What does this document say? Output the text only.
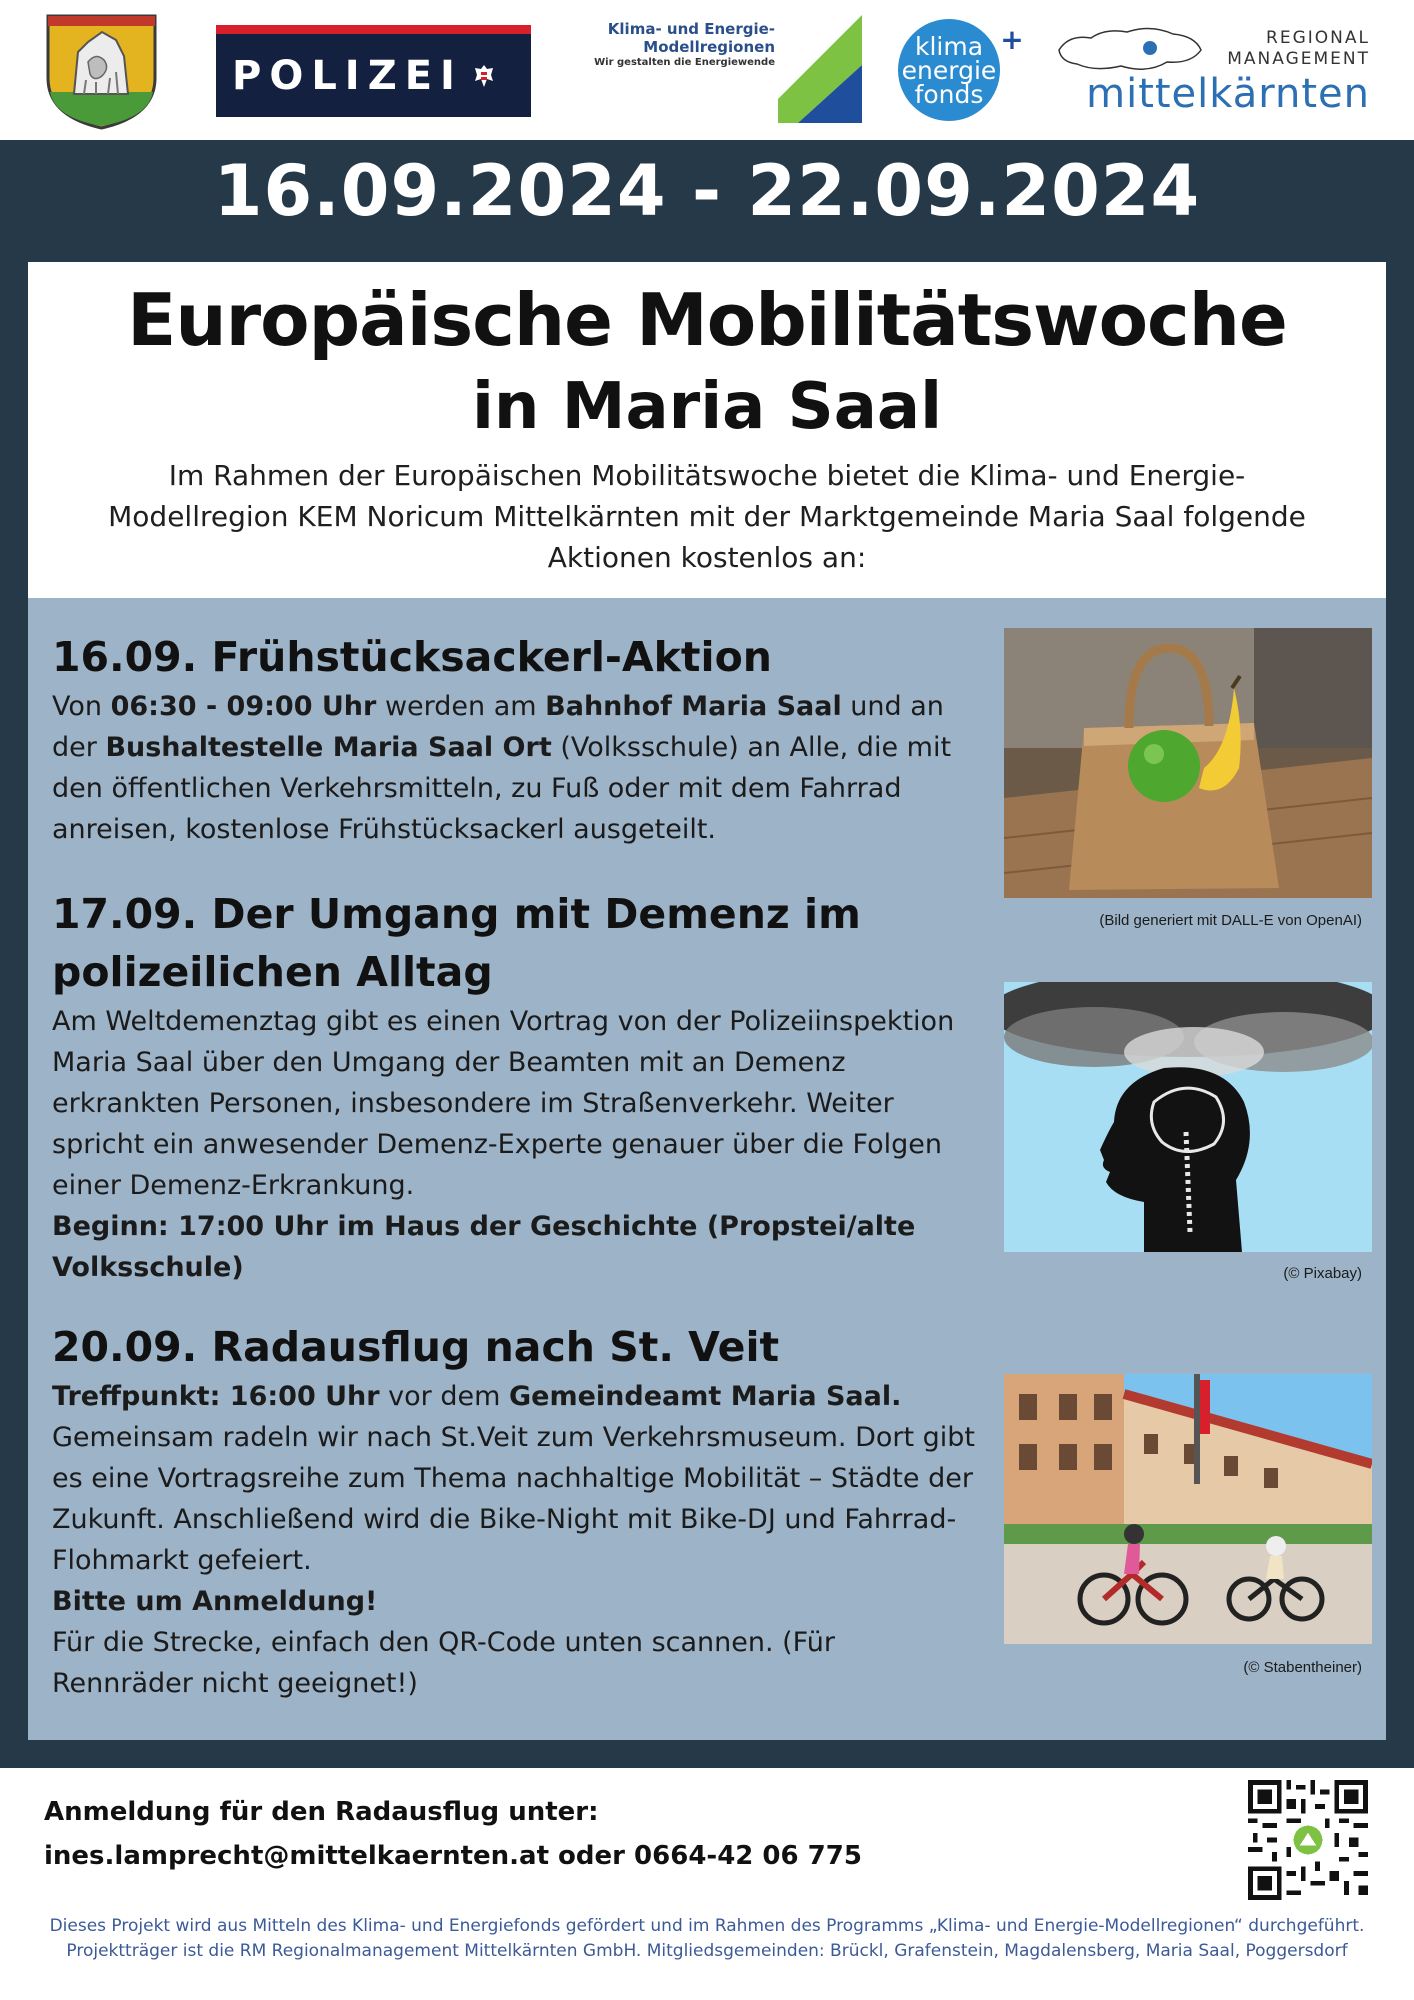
POLIZEI
Klima- und Energie-
Modellregionen
Wir gestalten die Energiewende
klima
energie
fonds
+	REGIONAL
MANAGEMENT
mittelkärnten
16.09.2024 - 22.09.2024
Europäische Mobilitätswoche
in Maria Saal

Im Rahmen der Europäischen Mobilitätswoche bietet die Klima- und Energie-Modellregion KEM Noricum Mittelkärnten mit der Marktgemeinde Maria Saal folgende Aktionen kostenlos an:

16.09. Frühstücksackerl-Aktion

Von 06:30 - 09:00 Uhr werden am Bahnhof Maria Saal und an der Bushaltestelle Maria Saal Ort (Volksschule) an Alle, die mit den öffentlichen Verkehrsmitteln, zu Fuß oder mit dem Fahrrad anreisen, kostenlose Frühstücksackerl ausgeteilt.

17.09. Der Umgang mit Demenz im polizeilichen Alltag

Am Weltdemenztag gibt es einen Vortrag von der Polizeiinspektion Maria Saal über den Umgang der Beamten mit an Demenz erkrankten Personen, insbesondere im Straßenverkehr. Weiter spricht ein anwesender Demenz-Experte genauer über die Folgen einer Demenz-Erkrankung.

Beginn: 17:00 Uhr im Haus der Geschichte (Propstei/alte Volksschule)

20.09. Radausflug nach St. Veit

Treffpunkt: 16:00 Uhr vor dem Gemeindeamt Maria Saal.

Gemeinsam radeln wir nach St.Veit zum Verkehrsmuseum. Dort gibt es eine Vortragsreihe zum Thema nachhaltige Mobilität – Städte der Zukunft. Anschließend wird die Bike-Night mit Bike-DJ und Fahrrad-Flohmarkt gefeiert.

Bitte um Anmeldung!

Für die Strecke, einfach den QR-Code unten scannen. (Für Rennräder nicht geeignet!)

(Bild generiert mit DALL-E von OpenAI)
(© Pixabay)
(© Stabentheiner)
Anmeldung für den Radausflug unter:
ines.lamprecht@mittelkaernten.at oder 0664-42 06 775

Dieses Projekt wird aus Mitteln des Klima- und Energiefonds gefördert und im Rahmen des Programms „Klima- und Energie-Modellregionen“ durchgeführt. Projektträger ist die RM Regionalmanagement Mittelkärnten GmbH. Mitgliedsgemeinden: Brückl, Grafenstein, Magdalensberg, Maria Saal, Poggersdorf
